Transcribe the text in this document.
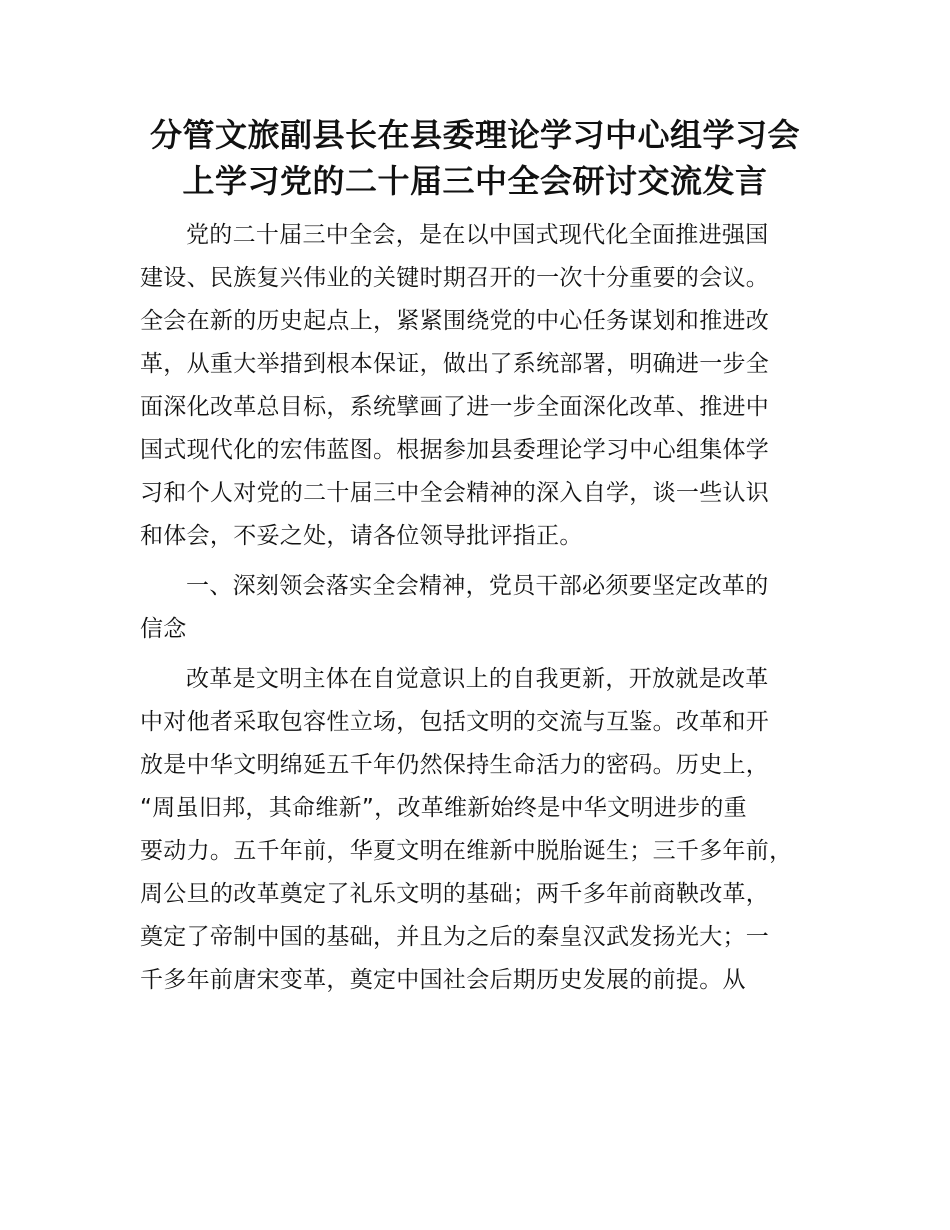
分管文旅副县长在县委理论学习中心组学习会
上学习党的二十届三中全会研讨交流发言

党的二十届三中全会，是在以中国式现代化全面推进强国
建设、民族复兴伟业的关键时期召开的一次十分重要的会议。
全会在新的历史起点上，紧紧围绕党的中心任务谋划和推进改
革，从重大举措到根本保证，做出了系统部署，明确进一步全
面深化改革总目标，系统擘画了进一步全面深化改革、推进中
国式现代化的宏伟蓝图。根据参加县委理论学习中心组集体学
习和个人对党的二十届三中全会精神的深入自学，谈一些认识
和体会，不妥之处，请各位领导批评指正。

一、深刻领会落实全会精神，党员干部必须要坚定改革的
信念

改革是文明主体在自觉意识上的自我更新，开放就是改革
中对他者采取包容性立场，包括文明的交流与互鉴。改革和开
放是中华文明绵延五千年仍然保持生命活力的密码。历史上，
“周虽旧邦，其命维新”，改革维新始终是中华文明进步的重
要动力。五千年前，华夏文明在维新中脱胎诞生；三千多年前，
周公旦的改革奠定了礼乐文明的基础；两千多年前商鞅改革，
奠定了帝制中国的基础，并且为之后的秦皇汉武发扬光大；一
千多年前唐宋变革，奠定中国社会后期历史发展的前提。从
